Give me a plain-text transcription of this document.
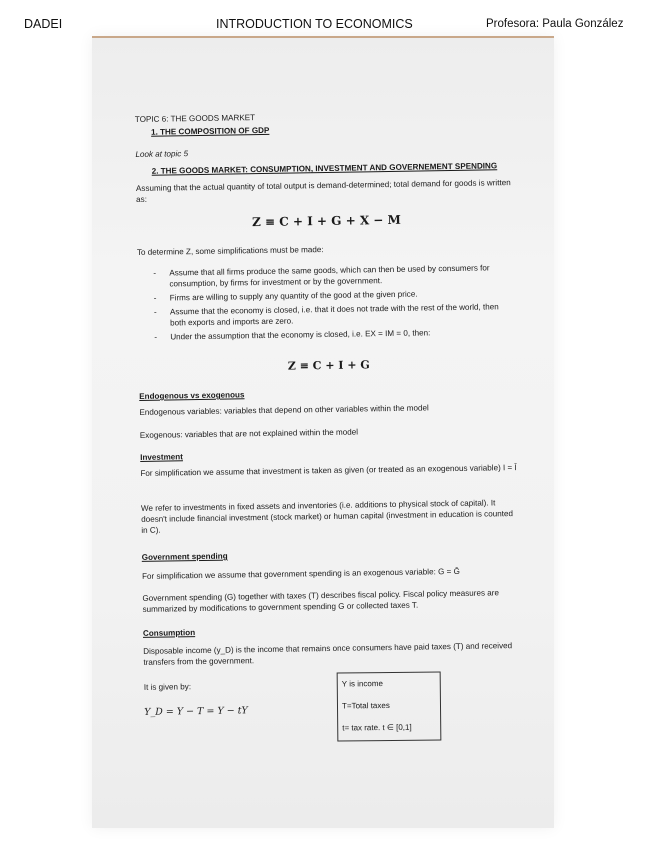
DADEI	INTRODUCTION TO ECONOMICS	Profesora: Paula González

TOPIC 6: THE GOODS MARKET

1. THE COMPOSITION OF GDP

Look at topic 5

2. THE GOODS MARKET: CONSUMPTION, INVESTMENT AND GOVERNEMENT SPENDING

Assuming that the actual quantity of total output is demand-determined; total demand for goods is written as:

Z ≡ C + I + G + X − M

To determine Z, some simplifications must be made:

- Assume that all firms produce the same goods, which can then be used by consumers for consumption, by firms for investment or by the government.
- Firms are willing to supply any quantity of the good at the given price.
- Assume that the economy is closed, i.e. that it does not trade with the rest of the world, then both exports and imports are zero.
- Under the assumption that the economy is closed, i.e. EX = IM = 0, then:
Z ≡ C + I + G

Endogenous vs exogenous

Endogenous variables: variables that depend on other variables within the model

Exogenous: variables that are not explained within the model

Investment

For simplification we assume that investment is taken as given (or treated as an exogenous variable) I = Ī

We refer to investments in fixed assets and inventories (i.e. additions to physical stock of capital). It doesn't include financial investment (stock market) or human capital (investment in education is counted in C).

Government spending

For simplification we assume that government spending is an exogenous variable: G = Ḡ

Government spending (G) together with taxes (T) describes fiscal policy. Fiscal policy measures are summarized by modifications to government spending G or collected taxes T.

Consumption

Disposable income (y_D) is the income that remains once consumers have paid taxes (T) and received transfers from the government.

It is given by:

Y_D = Y − T = Y − tY

Y is income
T=Total taxes
t= tax rate. t ∈ [0,1]
